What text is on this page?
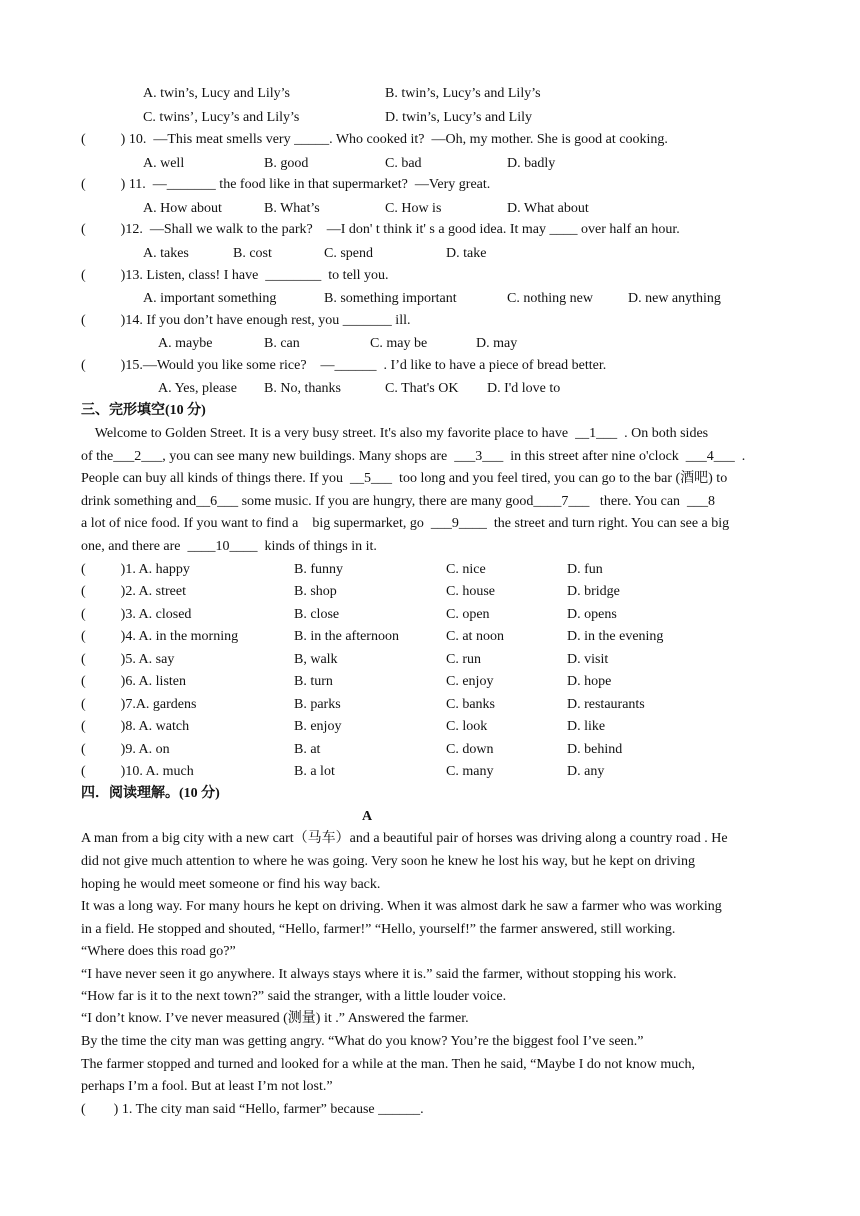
A. twin’s, Lucy and Lily’s	B. twin’s, Lucy’s and Lily’s
C. twins’, Lucy’s and Lily’s	D. twin’s, Lucy’s and Lily
(          ) 10.  —This meat smells very _____. Who cooked it?  —Oh, my mother. She is good at cooking.
A. well	B. good	C. bad	D. badly
(          ) 11.  —_______ the food like in that supermarket?  —Very great.
A. How about	B. What’s	C. How is	D. What about
(          )12.  —Shall we walk to the park?    —I don' t think it' s a good idea. It may ____ over half an hour.
A. takes	B. cost	C. spend	D. take
(          )13. Listen, class! I have  ________  to tell you.
A. important something	B. something important	C. nothing new	D. new anything
(          )14. If you don’t have enough rest, you _______ ill.
A. maybe	B. can	C. may be	D. may
(          )15.—Would you like some rice?    —______  . I’d like to have a piece of bread better.
A. Yes, please B. No, thanks	C. That's OK D. I'd love to
三、完形填空(10 分)
Welcome to Golden Street. It is a very busy street. It's also my favorite place to have  __1___  . On both sides
of the___2___, you can see many new buildings. Many shops are  ___3___  in this street after nine o'clock  ___4___  .
People can buy all kinds of things there. If you  __5___  too long and you feel tired, you can go to the bar (酒吧) to
drink something and__6___ some music. If you are hungry, there are many good____7___   there. You can  ___8
a lot of nice food. If you want to find a    big supermarket, go  ___9____  the street and turn right. You can see a big
one, and there are  ____10____  kinds of things in it.
(          )1. A. happy	B. funny	C. nice	D. fun
(          )2. A. street	B. shop	C. house	D. bridge
(          )3. A. closed	B. close	C. open	D. opens
(          )4. A. in the morning	B. in the afternoon	C. at noon	D. in the evening
(          )5. A. say	B, walk	C. run	D. visit
(          )6. A. listen	B. turn	C. enjoy	D. hope
(          )7.A. gardens	B. parks	C. banks	D. restaurants
(          )8. A. watch	B. enjoy	C. look	D. like
(          )9. A. on	B. at	C. down	D. behind
(          )10. A. much	B. a lot	C. many	D. any
四．阅读理解。(10 分)
A
A man from a big city with a new cart（马车）and a beautiful pair of horses was driving along a country road . He
did not give much attention to where he was going. Very soon he knew he lost his way, but he kept on driving
hoping he would meet someone or find his way back.
It was a long way. For many hours he kept on driving. When it was almost dark he saw a farmer who was working
in a field. He stopped and shouted, “Hello, farmer!” “Hello, yourself!” the farmer answered, still working.
“Where does this road go?”
“I have never seen it go anywhere. It always stays where it is.” said the farmer, without stopping his work.
“How far is it to the next town?” said the stranger, with a little louder voice.
“I don’t know. I’ve never measured (测量) it .” Answered the farmer.
By the time the city man was getting angry. “What do you know? You’re the biggest fool I’ve seen.”
The farmer stopped and turned and looked for a while at the man. Then he said, “Maybe I do not know much,
perhaps I’m a fool. But at least I’m not lost.”
(        ) 1. The city man said “Hello, farmer” because ______.
